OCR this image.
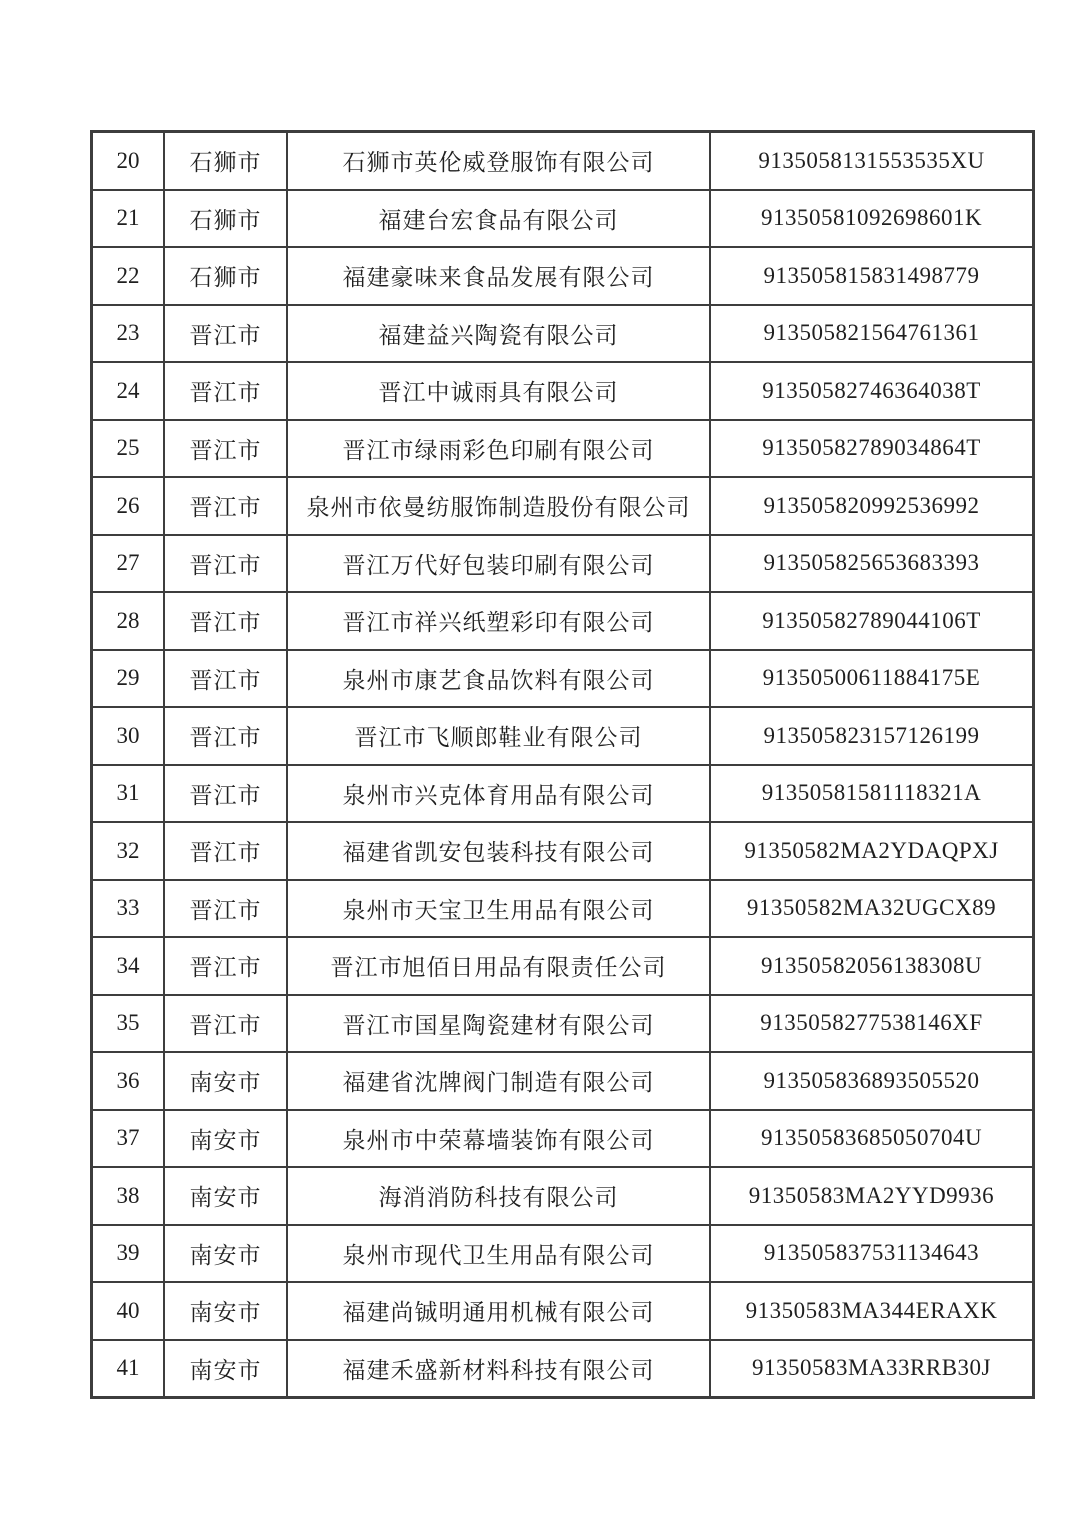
20	石狮市	石狮市英伦威登服饰有限公司	9135058131553535XU
21	石狮市	福建台宏食品有限公司	91350581092698601K
22	石狮市	福建豪味来食品发展有限公司	913505815831498779
23	晋江市	福建益兴陶瓷有限公司	913505821564761361
24	晋江市	晋江中诚雨具有限公司	91350582746364038T
25	晋江市	晋江市绿雨彩色印刷有限公司	91350582789034864T
26	晋江市	泉州市依曼纺服饰制造股份有限公司	913505820992536992
27	晋江市	晋江万代好包装印刷有限公司	913505825653683393
28	晋江市	晋江市祥兴纸塑彩印有限公司	91350582789044106T
29	晋江市	泉州市康艺食品饮料有限公司	91350500611884175E
30	晋江市	晋江市飞顺郎鞋业有限公司	913505823157126199
31	晋江市	泉州市兴克体育用品有限公司	91350581581118321A
32	晋江市	福建省凯安包装科技有限公司	91350582MA2YDAQPXJ
33	晋江市	泉州市天宝卫生用品有限公司	91350582MA32UGCX89
34	晋江市	晋江市旭佰日用品有限责任公司	91350582056138308U
35	晋江市	晋江市国星陶瓷建材有限公司	9135058277538146XF
36	南安市	福建省沈牌阀门制造有限公司	913505836893505520
37	南安市	泉州市中荣幕墙装饰有限公司	91350583685050704U
38	南安市	海消消防科技有限公司	91350583MA2YYD9936
39	南安市	泉州市现代卫生用品有限公司	913505837531134643
40	南安市	福建尚铖明通用机械有限公司	91350583MA344ERAXK
41	南安市	福建禾盛新材料科技有限公司	91350583MA33RRB30J
